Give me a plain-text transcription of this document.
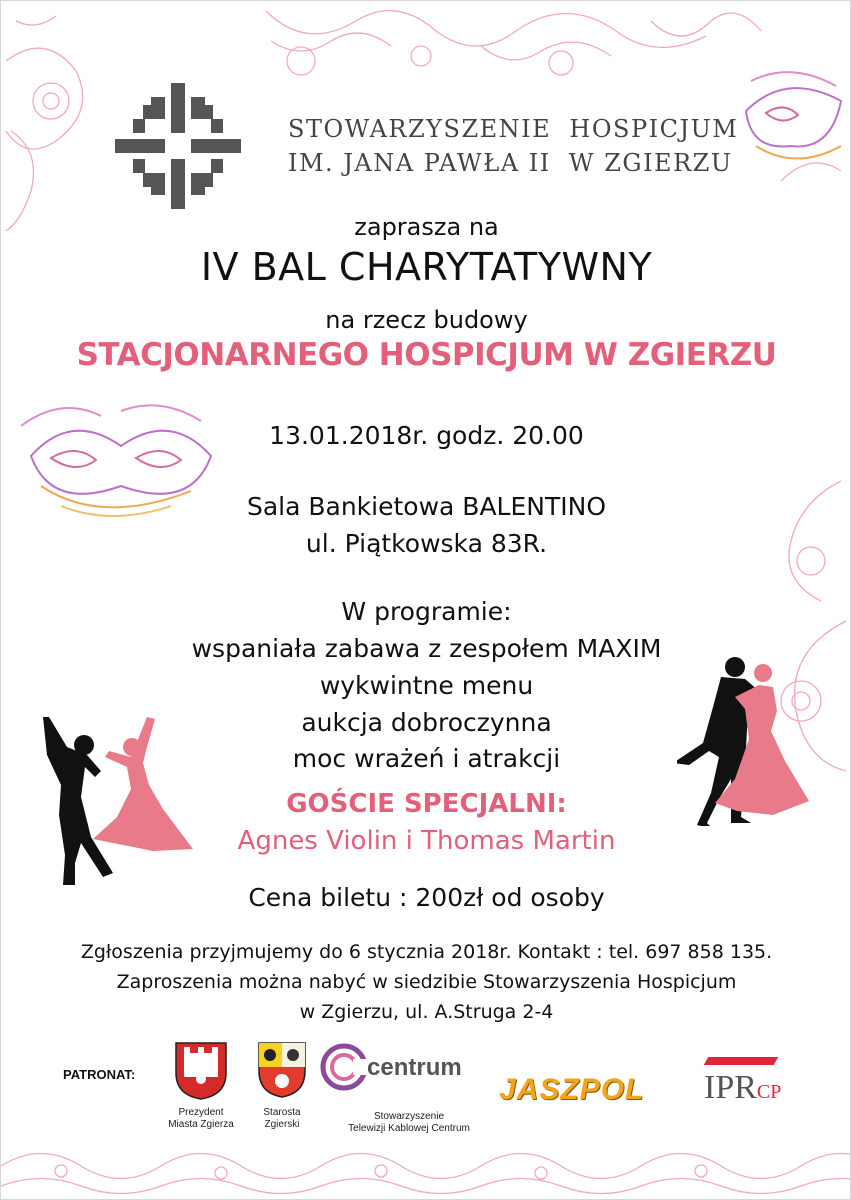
STOWARZYSZENIE  HOSPICJUM
IM. JANA PAWŁA II  W ZGIERZU
zaprasza na
IV BAL CHARYTATYWNY
na rzecz budowy
STACJONARNEGO HOSPICJUM W ZGIERZU
13.01.2018r. godz. 20.00
Sala Bankietowa BALENTINO
ul. Piątkowska 83R.
W programie:
wspaniała zabawa z zespołem MAXIM
wykwintne menu
aukcja dobroczynna
moc wrażeń i atrakcji
GOŚCIE SPECJALNI:
Agnes Violin i Thomas Martin
Cena biletu : 200zł od osoby
Zgłoszenia przyjmujemy do 6 stycznia 2018r. Kontakt : tel. 697 858 135.
Zaproszenia można nabyć w siedzibie Stowarzyszenia Hospicjum
w Zgierzu, ul. A.Struga 2-4
PATRONAT:
Prezydent
Miasta Zgierza
Starosta
Zgierski
centrum
Stowarzyszenie
Telewizji Kablowej Centrum
JASZPOL IPRCP
